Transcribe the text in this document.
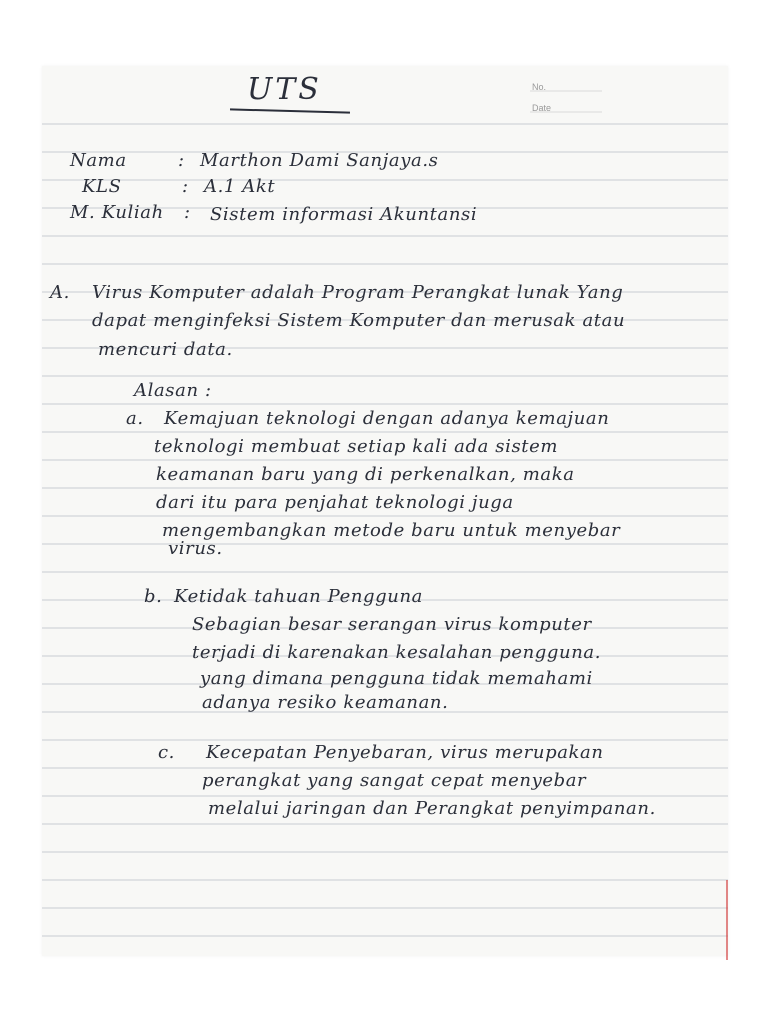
UTS	No.
Date
Nama	: Marthon Dami Sanjaya.s
KLS	: A.1 Akt
M. Kuliah : Sistem informasi Akuntansi
A. Virus Komputer adalah Program Perangkat lunak Yang
dapat menginfeksi Sistem Komputer dan merusak atau
mencuri data.
Alasan :
a. Kemajuan teknologi dengan adanya kemajuan
teknologi membuat setiap kali ada sistem
keamanan baru yang di perkenalkan, maka
dari itu para penjahat teknologi juga
mengembangkan metode baru untuk menyebar
virus.
b. Ketidak tahuan Pengguna
Sebagian besar serangan virus komputer
terjadi di karenakan kesalahan pengguna.
yang dimana pengguna tidak memahami
adanya resiko keamanan.
c. Kecepatan Penyebaran, virus merupakan
perangkat yang sangat cepat menyebar
melalui jaringan dan Perangkat penyimpanan.
